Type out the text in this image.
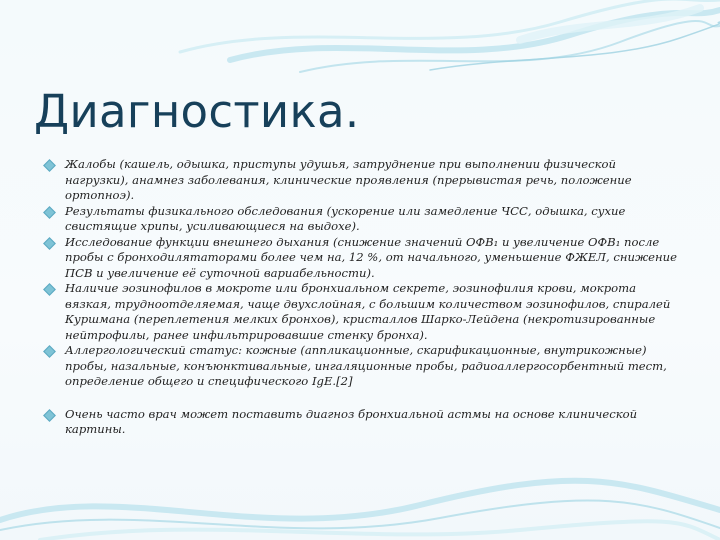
Диагностика.
Жалобы (кашель, одышка, приступы удушья, затруднение при выполнении физической нагрузки), анамнез заболевания, клинические проявления (прерывистая речь, положение ортопноэ).
Результаты физикального обследования (ускорение или замедление ЧСС, одышка, сухие свистящие хрипы, усиливающиеся на выдохе).
Исследование функции внешнего дыхания (снижение значений ОФВ₁ и увеличение ОФВ₁ после пробы с бронходилятаторами более чем на, 12 %, от начального, уменьшение ФЖЕЛ, снижение ПСВ и увеличение её суточной вариабельности).
Наличие эозинофилов в мокроте или бронхиальном секрете, эозинофилия крови, мокрота вязкая, трудноотделяемая, чаще двухслойная, с большим количеством эозинофилов, спиралей Куршмана (переплетения мелких бронхов), кристаллов Шарко-Лейдена (некротизированные нейтрофилы, ранее инфильтрировавшие стенку бронха).
Аллергологический статус: кожные (аппликационные, скарификационные, внутрикожные) пробы, назальные, конъюнктивальные, ингаляционные пробы, радиоаллергосорбентный тест, определение общего и специфического IgE.[2]
Очень часто врач может поставить диагноз бронхиальной астмы на основе клинической картины.
